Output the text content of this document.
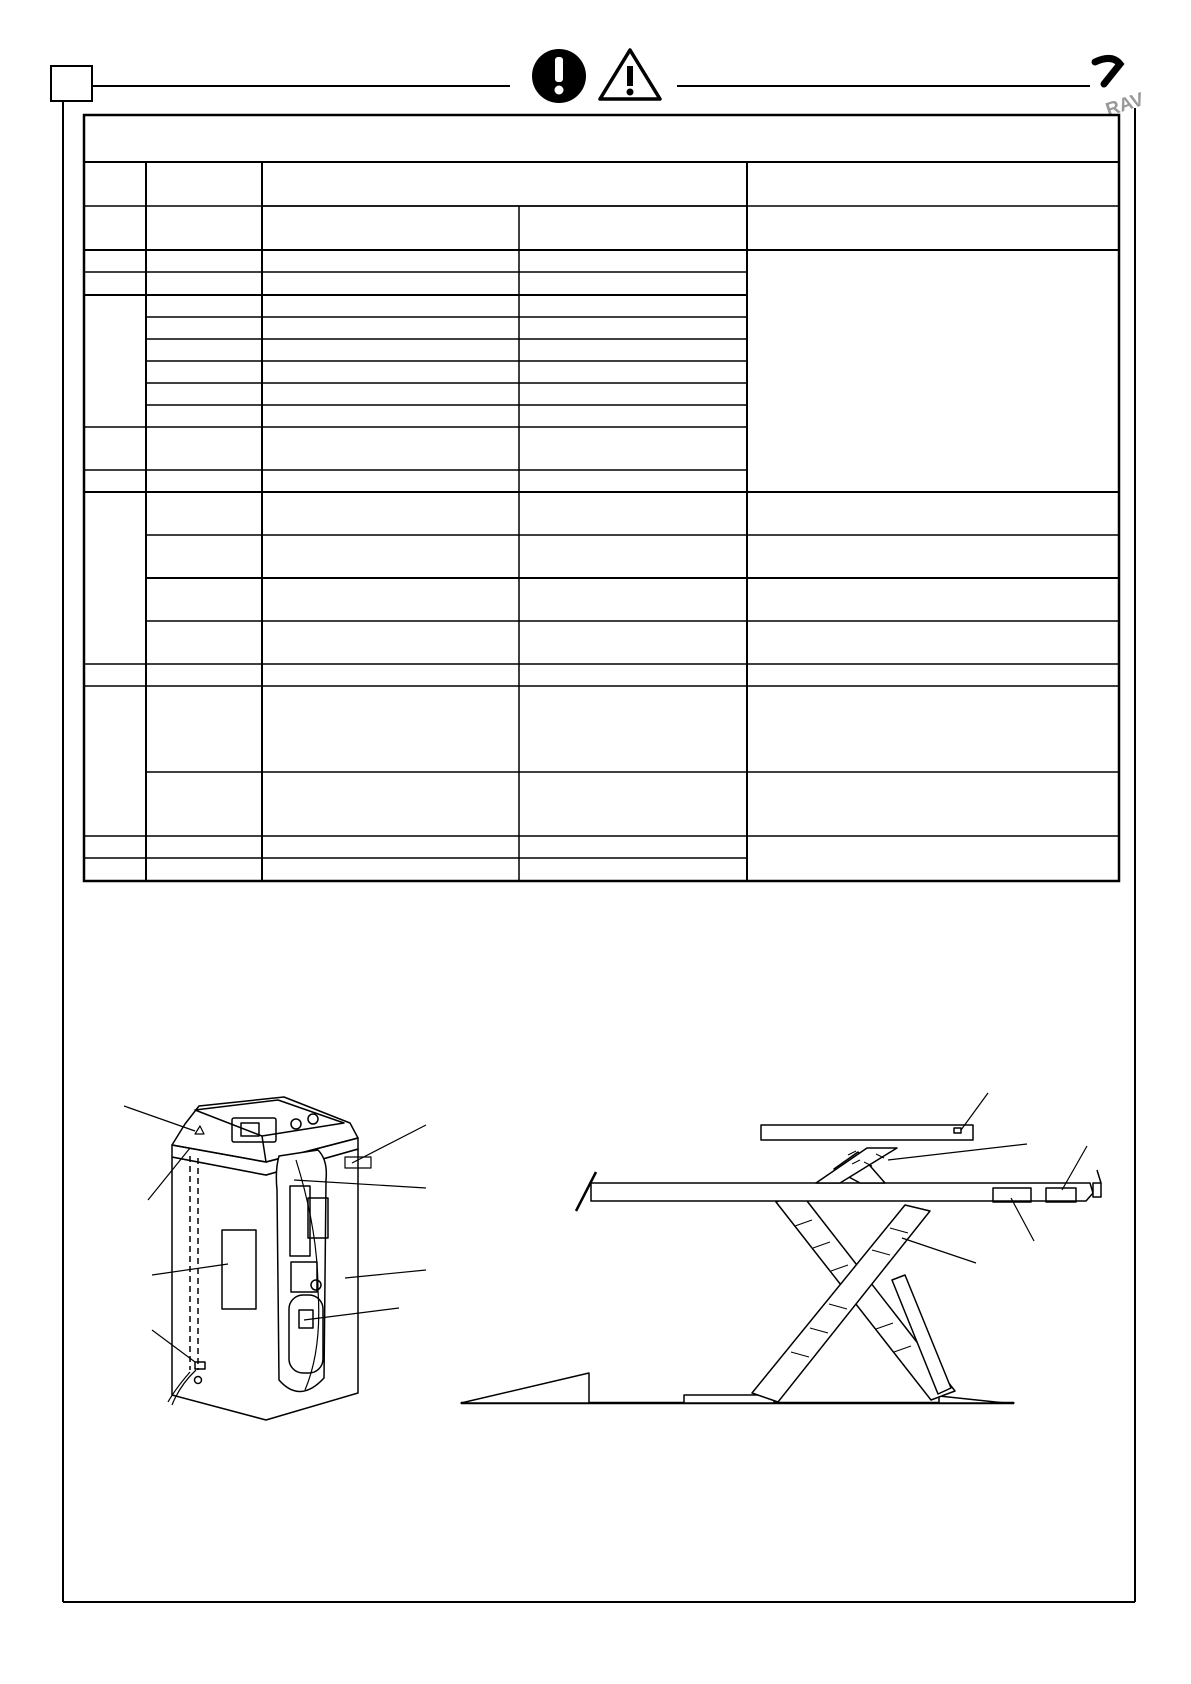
RAV
